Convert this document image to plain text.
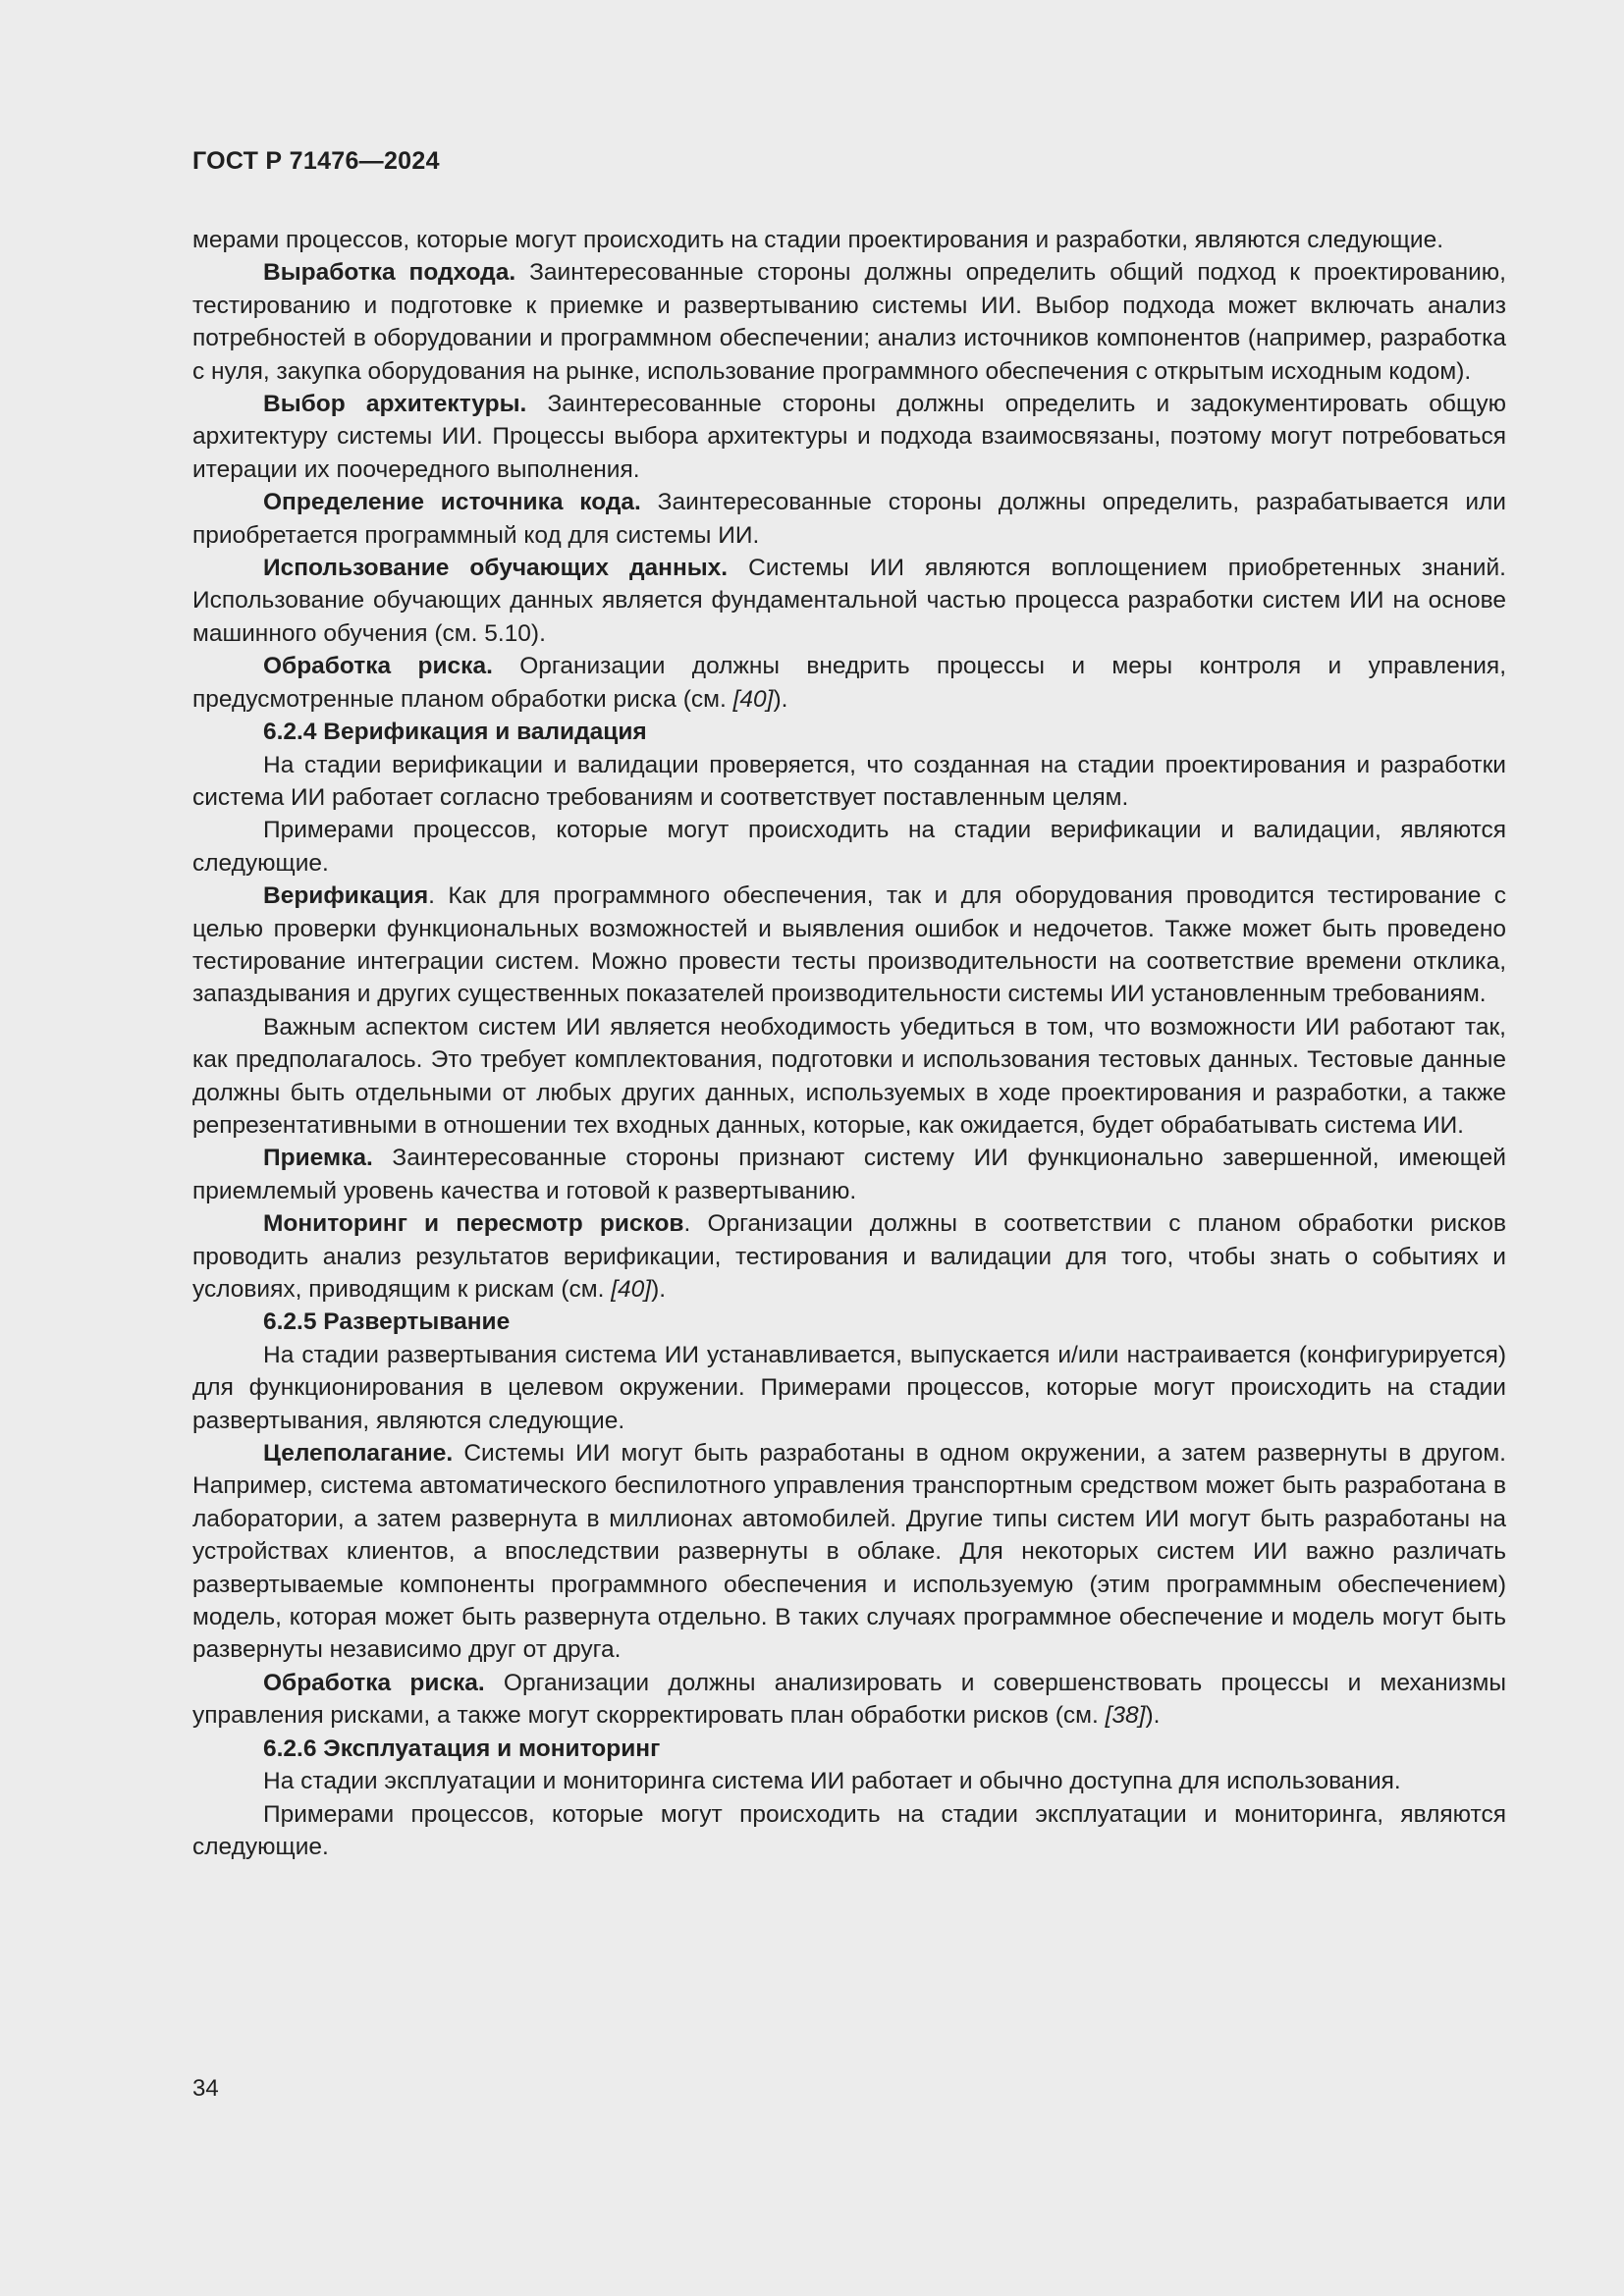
ГОСТ Р 71476—2024

мерами процессов, которые могут происходить на стадии проектирования и разработки, являются следующие.

Выработка подхода. Заинтересованные стороны должны определить общий подход к проектированию, тестированию и подготовке к приемке и развертыванию системы ИИ. Выбор подхода может включать анализ потребностей в оборудовании и программном обеспечении; анализ источников компонентов (например, разработка с нуля, закупка оборудования на рынке, использование программного обеспечения с открытым исходным кодом).

Выбор архитектуры. Заинтересованные стороны должны определить и задокументировать общую архитектуру системы ИИ. Процессы выбора архитектуры и подхода взаимосвязаны, поэтому могут потребоваться итерации их поочередного выполнения.

Определение источника кода. Заинтересованные стороны должны определить, разрабатывается или приобретается программный код для системы ИИ.

Использование обучающих данных. Системы ИИ являются воплощением приобретенных знаний. Использование обучающих данных является фундаментальной частью процесса разработки систем ИИ на основе машинного обучения (см. 5.10).

Обработка риска. Организации должны внедрить процессы и меры контроля и управления, предусмотренные планом обработки риска (см. [40]).

6.2.4 Верификация и валидация

На стадии верификации и валидации проверяется, что созданная на стадии проектирования и разработки система ИИ работает согласно требованиям и соответствует поставленным целям.

Примерами процессов, которые могут происходить на стадии верификации и валидации, являются следующие.

Верификация. Как для программного обеспечения, так и для оборудования проводится тестирование с целью проверки функциональных возможностей и выявления ошибок и недочетов. Также может быть проведено тестирование интеграции систем. Можно провести тесты производительности на соответствие времени отклика, запаздывания и других существенных показателей производительности системы ИИ установленным требованиям.

Важным аспектом систем ИИ является необходимость убедиться в том, что возможности ИИ работают так, как предполагалось. Это требует комплектования, подготовки и использования тестовых данных. Тестовые данные должны быть отдельными от любых других данных, используемых в ходе проектирования и разработки, а также репрезентативными в отношении тех входных данных, которые, как ожидается, будет обрабатывать система ИИ.

Приемка. Заинтересованные стороны признают систему ИИ функционально завершенной, имеющей приемлемый уровень качества и готовой к развертыванию.

Мониторинг и пересмотр рисков. Организации должны в соответствии с планом обработки рисков проводить анализ результатов верификации, тестирования и валидации для того, чтобы знать о событиях и условиях, приводящим к рискам (см. [40]).

6.2.5 Развертывание

На стадии развертывания система ИИ устанавливается, выпускается и/или настраивается (конфигурируется) для функционирования в целевом окружении. Примерами процессов, которые могут происходить на стадии развертывания, являются следующие.

Целеполагание. Системы ИИ могут быть разработаны в одном окружении, а затем развернуты в другом. Например, система автоматического беспилотного управления транспортным средством может быть разработана в лаборатории, а затем развернута в миллионах автомобилей. Другие типы систем ИИ могут быть разработаны на устройствах клиентов, а впоследствии развернуты в облаке. Для некоторых систем ИИ важно различать развертываемые компоненты программного обеспечения и используемую (этим программным обеспечением) модель, которая может быть развернута отдельно. В таких случаях программное обеспечение и модель могут быть развернуты независимо друг от друга.

Обработка риска. Организации должны анализировать и совершенствовать процессы и механизмы управления рисками, а также могут скорректировать план обработки рисков (см. [38]).

6.2.6 Эксплуатация и мониторинг

На стадии эксплуатации и мониторинга система ИИ работает и обычно доступна для использования.

Примерами процессов, которые могут происходить на стадии эксплуатации и мониторинга, являются следующие.

34
